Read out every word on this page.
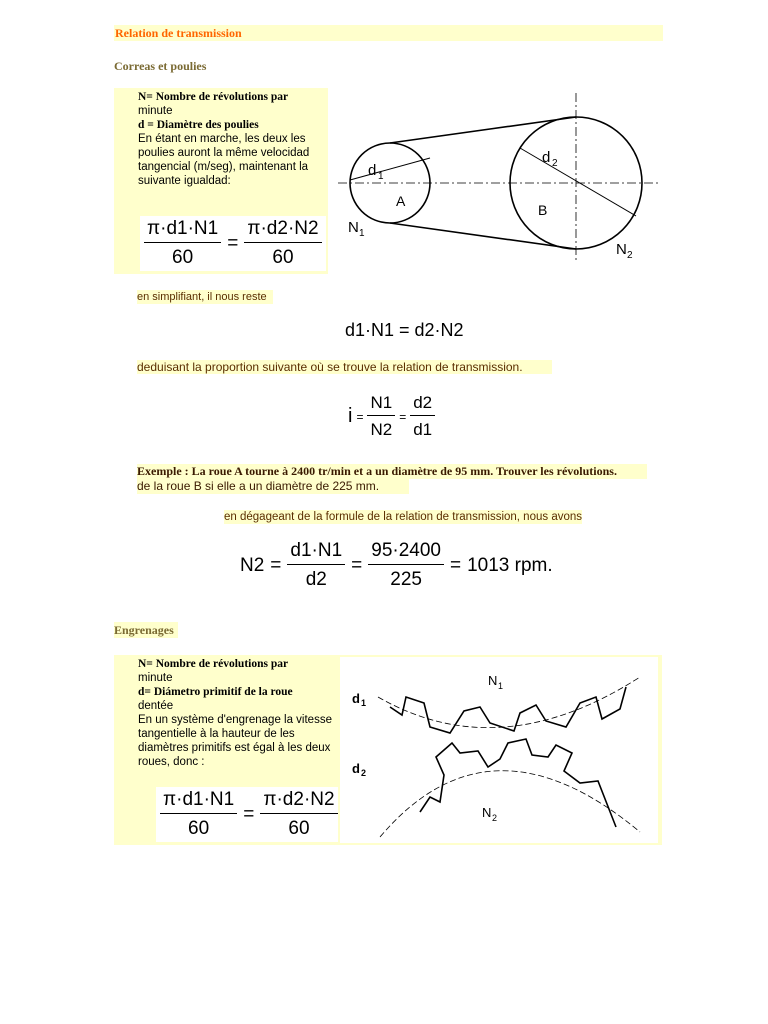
Relation de transmission
Correas et poulies
N= Nombre de révolutions par
minute
d = Diamètre des poulies
En étant en marche, les deux les poulies auront la même velocidad tangencial (m/seg), maintenant la suivante igualdad:
$\frac{\pi\cdot d1\cdot N1}{60} = \frac{\pi\cdot d2\cdot N2}{60}$
d 1
A
N 1
d 2
B
N 2
en simplifiant, il nous reste
d1·N1 = d2·N2
deduisant la proportion suivante où se trouve la relation de transmission.
$i = \frac{N1}{N2} = \frac{d2}{d1}$
Exemple : La roue A tourne à 2400 tr/min et a un diamètre de 95 mm. Trouver les révolutions.
de la roue B si elle a un diamètre de 225 mm.
en dégageant de la formule de la relation de transmission, nous avons
$N2 = \frac{d1\cdot N1}{d2} = \frac{95\cdot 2400}{225} = 1013$ rpm.
Engrenages
N= Nombre de révolutions par
minute
d= Diámetro primitif de la roue
dentée
En un système d'engrenage la vitesse tangentielle à la hauteur de les diamètres primitifs est égal à les deux roues, donc :
$\frac{\pi\cdot d1\cdot N1}{60} = \frac{\pi\cdot d2\cdot N2}{60}$
N 1
d 1
d 2
N 2
